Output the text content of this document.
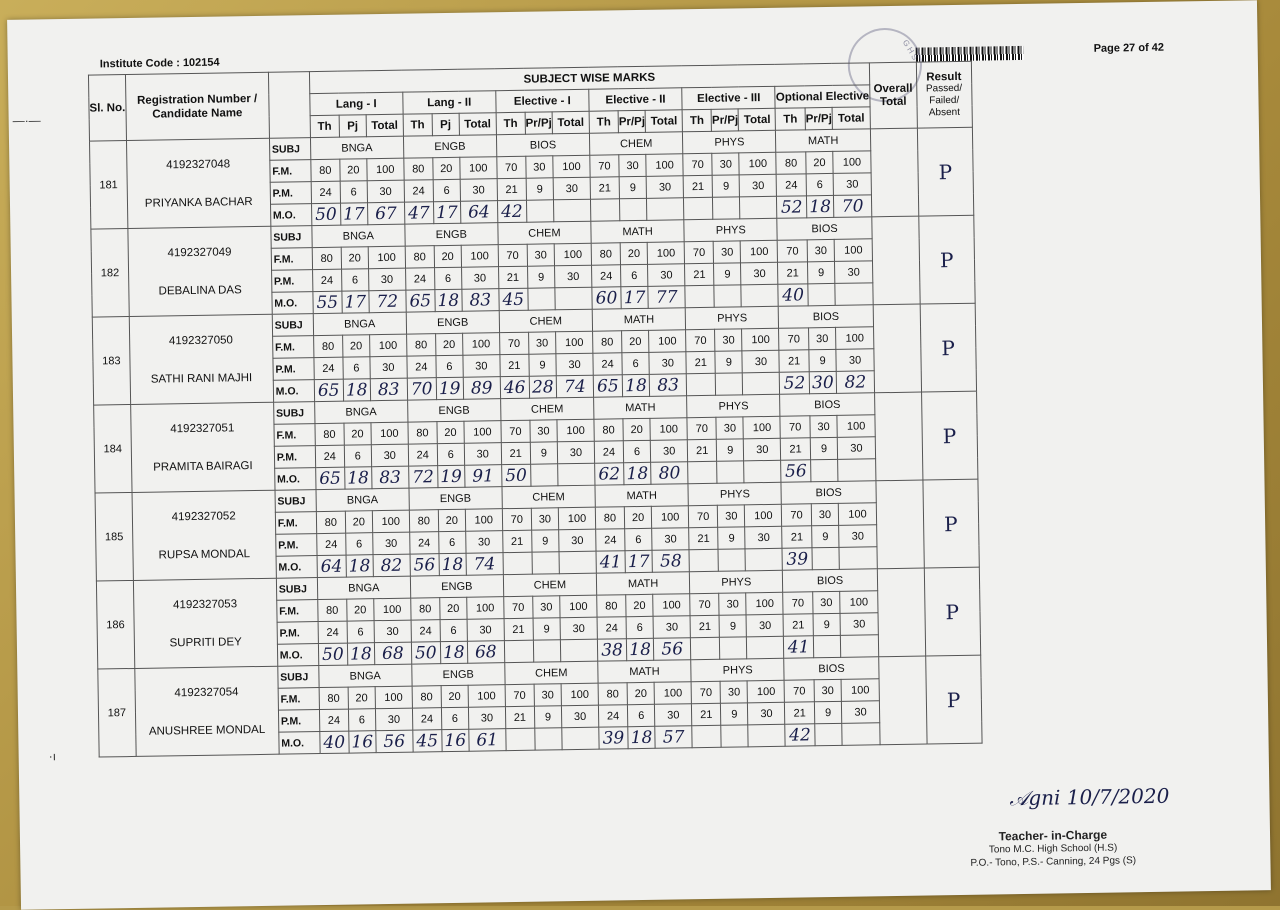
Institute Code : 102154
Page 27 of 42
G H S
—·—
·ı
Sl. No.	Registration Number / Candidate Name		SUBJECT WISE MARKS																		Overall Total	Result
Passed/ Failed/ Absent

			Lang - I			Lang - II			Elective - I			Elective - II			Elective - III			Optional Elective				
			Th	Pj	Total	Th	Pj	Total	Th	Pr/Pj	Total	Th	Pr/Pj	Total	Th	Pr/Pj	Total	Th	Pr/Pj	Total		
181	4192327048
PRIYANKA BACHAR	SUBJ	BNGA			ENGB			BIOS			CHEM			PHYS			MATH				P
		F.M.	80	20	100	80	20	100	70	30	100	70	30	100	70	30	100	80	20	100		
		P.M.	24	6	30	24	6	30	21	9	30	21	9	30	21	9	30	24	6	30		
		M.O.	50	17	67	47	17	64	42									52	18	70		
182	4192327049
DEBALINA DAS	SUBJ	BNGA			ENGB			CHEM			MATH			PHYS			BIOS				P
		F.M.	80	20	100	80	20	100	70	30	100	80	20	100	70	30	100	70	30	100		
		P.M.	24	6	30	24	6	30	21	9	30	24	6	30	21	9	30	21	9	30		
		M.O.	55	17	72	65	18	83	45			60	17	77				40				
183	4192327050
SATHI RANI MAJHI	SUBJ	BNGA			ENGB			CHEM			MATH			PHYS			BIOS				P
		F.M.	80	20	100	80	20	100	70	30	100	80	20	100	70	30	100	70	30	100		
		P.M.	24	6	30	24	6	30	21	9	30	24	6	30	21	9	30	21	9	30		
		M.O.	65	18	83	70	19	89	46	28	74	65	18	83				52	30	82		
184	4192327051
PRAMITA BAIRAGI	SUBJ	BNGA			ENGB			CHEM			MATH			PHYS			BIOS				P
		F.M.	80	20	100	80	20	100	70	30	100	80	20	100	70	30	100	70	30	100		
		P.M.	24	6	30	24	6	30	21	9	30	24	6	30	21	9	30	21	9	30		
		M.O.	65	18	83	72	19	91	50			62	18	80				56				
185	4192327052
RUPSA MONDAL	SUBJ	BNGA			ENGB			CHEM			MATH			PHYS			BIOS				P
		F.M.	80	20	100	80	20	100	70	30	100	80	20	100	70	30	100	70	30	100		
		P.M.	24	6	30	24	6	30	21	9	30	24	6	30	21	9	30	21	9	30		
		M.O.	64	18	82	56	18	74				41	17	58				39				
186	4192327053
SUPRITI DEY	SUBJ	BNGA			ENGB			CHEM			MATH			PHYS			BIOS				P
		F.M.	80	20	100	80	20	100	70	30	100	80	20	100	70	30	100	70	30	100		
		P.M.	24	6	30	24	6	30	21	9	30	24	6	30	21	9	30	21	9	30		
		M.O.	50	18	68	50	18	68				38	18	56				41				
187	4192327054
ANUSHREE MONDAL	SUBJ	BNGA			ENGB			CHEM			MATH			PHYS			BIOS				P
		F.M.	80	20	100	80	20	100	70	30	100	80	20	100	70	30	100	70	30	100		
		P.M.	24	6	30	24	6	30	21	9	30	24	6	30	21	9	30	21	9	30		
		M.O.	40	16	56	45	16	61				39	18	57				42				
𝒜𝑔𝑛𝑖 10/7/2020
Teacher- in-Charge
Tono M.C. High School (H.S)
P.O.- Tono, P.S.- Canning, 24 Pgs (S)
